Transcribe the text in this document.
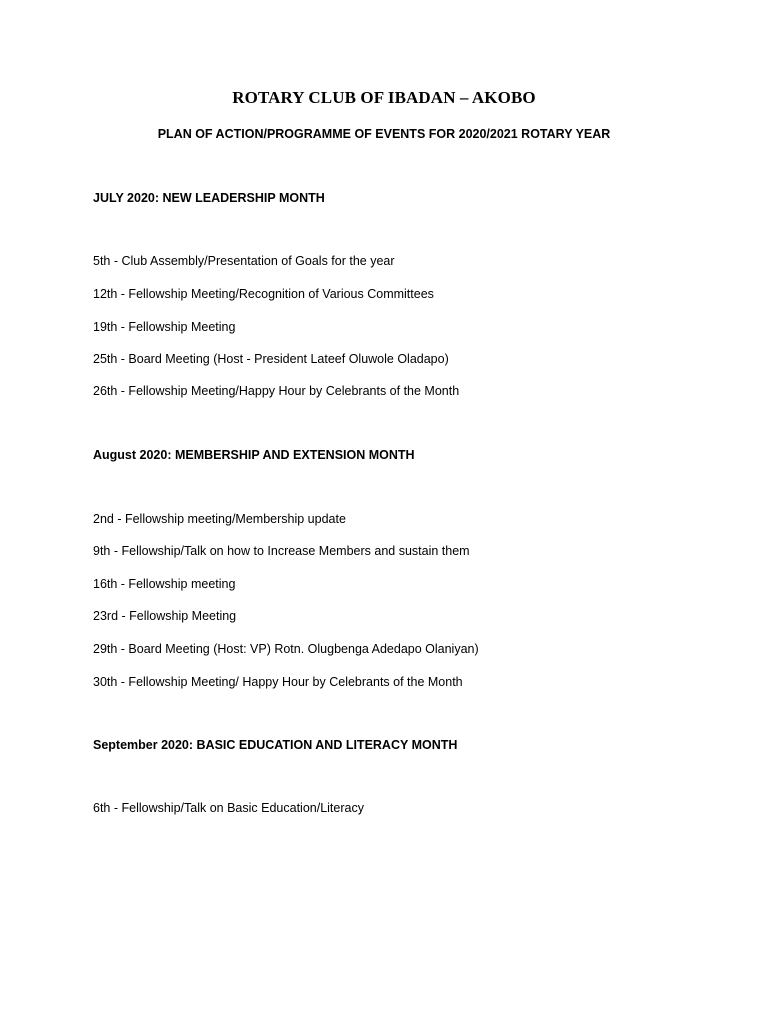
ROTARY CLUB OF IBADAN – AKOBO
PLAN OF ACTION/PROGRAMME OF EVENTS FOR 2020/2021 ROTARY YEAR
JULY 2020: NEW LEADERSHIP MONTH
5th - Club Assembly/Presentation of Goals for the year
12th - Fellowship Meeting/Recognition of Various Committees
19th - Fellowship Meeting
25th - Board Meeting (Host - President Lateef Oluwole Oladapo)
26th - Fellowship Meeting/Happy Hour by Celebrants of the Month
August 2020: MEMBERSHIP AND EXTENSION MONTH
2nd - Fellowship meeting/Membership update
9th - Fellowship/Talk on how to Increase Members and sustain them
16th - Fellowship meeting
23rd - Fellowship Meeting
29th - Board Meeting (Host: VP) Rotn. Olugbenga Adedapo Olaniyan)
30th - Fellowship Meeting/ Happy Hour by Celebrants of the Month
September 2020: BASIC EDUCATION AND LITERACY MONTH
6th - Fellowship/Talk on Basic Education/Literacy
